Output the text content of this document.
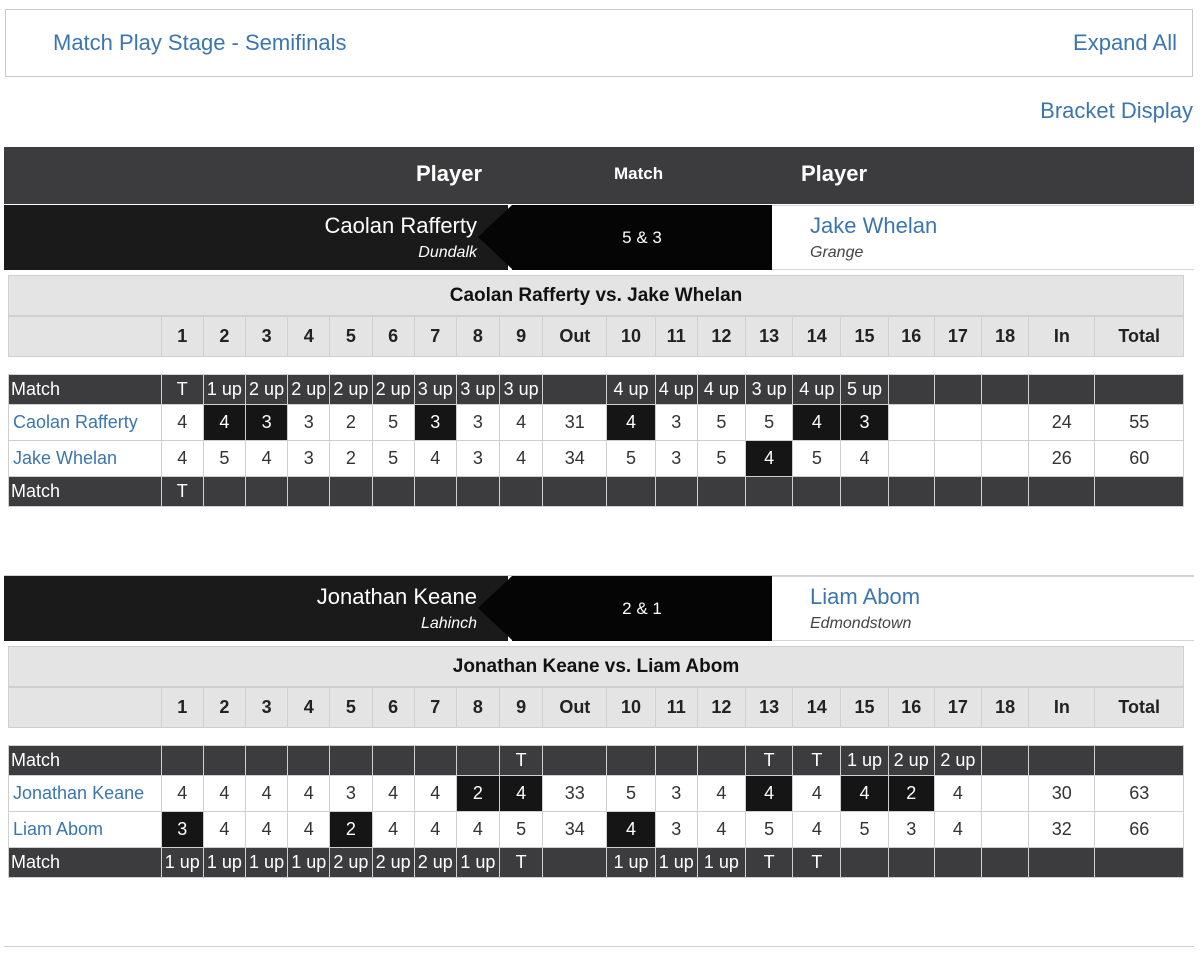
Match Play Stage - Semifinals	Expand All
Bracket Display
Player	Match	Player
Caolan Rafferty
Dundalk
5 & 3	Jake Whelan
Grange
Caolan Rafferty vs. Jake Whelan
	1	2	3	4	5	6	7	8	9	Out	10	11	12	13	14	15	16	17	18	In	Total
Match	T	1 up	2 up	2 up	2 up	2 up	3 up	3 up	3 up		4 up	4 up	4 up	3 up	4 up	5 up					
Caolan Rafferty	4	4	3	3	2	5	3	3	4	31	4	3	5	5	4	3				24	55
Jake Whelan	4	5	4	3	2	5	4	3	4	34	5	3	5	4	5	4				26	60
Match	T																				
Jonathan Keane
Lahinch
2 & 1	Liam Abom
Edmondstown
Jonathan Keane vs. Liam Abom
	1	2	3	4	5	6	7	8	9	Out	10	11	12	13	14	15	16	17	18	In	Total
Match									T					T	T	1 up	2 up	2 up			
Jonathan Keane	4	4	4	4	3	4	4	2	4	33	5	3	4	4	4	4	2	4		30	63
Liam Abom	3	4	4	4	2	4	4	4	5	34	4	3	4	5	4	5	3	4		32	66
Match	1 up	1 up	1 up	1 up	2 up	2 up	2 up	1 up	T		1 up	1 up	1 up	T	T						
